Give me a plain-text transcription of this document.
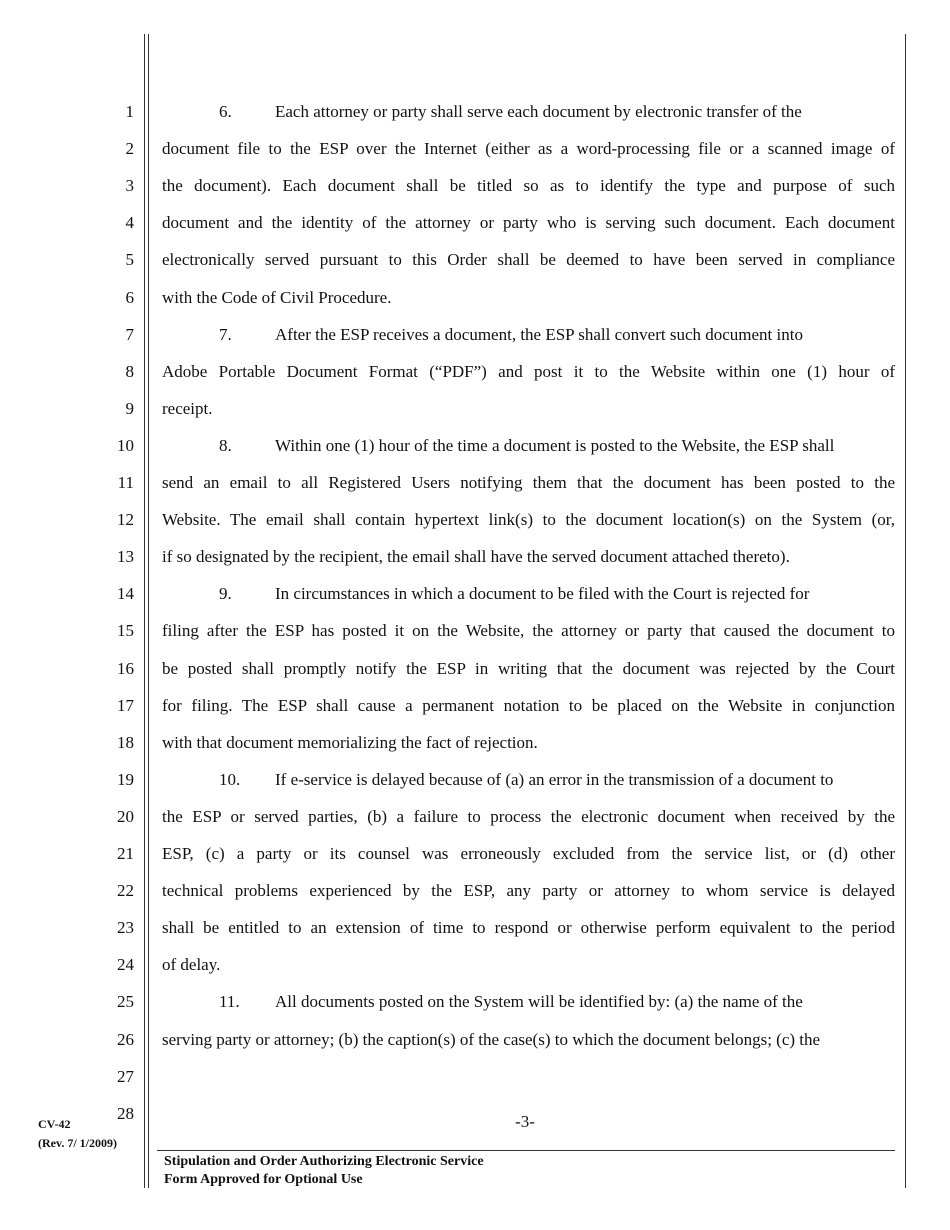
1
2
3
4
5
6
7
8
9
10
11
12
13
14
15
16
17
18
19
20
21
22
23
24
25
26
27
28
6.	Each attorney or party shall serve each document by electronic transfer of the
document file to the ESP over the Internet (either as a word-processing file or a scanned image of
the document). Each document shall be titled so as to identify the type and purpose of such
document and the identity of the attorney or party who is serving such document. Each document
electronically served pursuant to this Order shall be deemed to have been served in compliance
with the Code of Civil Procedure.
7.	After the ESP receives a document, the ESP shall convert such document into
Adobe Portable Document Format (“PDF”) and post it to the Website within one (1) hour of
receipt.
8.	Within one (1) hour of the time a document is posted to the Website, the ESP shall
send an email to all Registered Users notifying them that the document has been posted to the
Website. The email shall contain hypertext link(s) to the document location(s) on the System (or,
if so designated by the recipient, the email shall have the served document attached thereto).
9.	In circumstances in which a document to be filed with the Court is rejected for
filing after the ESP has posted it on the Website, the attorney or party that caused the document to
be posted shall promptly notify the ESP in writing that the document was rejected by the Court
for filing. The ESP shall cause a permanent notation to be placed on the Website in conjunction
with that document memorializing the fact of rejection.
10. If e-service is delayed because of (a) an error in the transmission of a document to
the ESP or served parties, (b) a failure to process the electronic document when received by the
ESP, (c) a party or its counsel was erroneously excluded from the service list, or (d) other
technical problems experienced by the ESP, any party or attorney to whom service is delayed
shall be entitled to an extension of time to respond or otherwise perform equivalent to the period
of delay.
11. All documents posted on the System will be identified by: (a) the name of the
serving party or attorney; (b) the caption(s) of the case(s) to which the document belongs; (c) the
-3-
CV-42
(Rev. 7/ 1/2009)
Stipulation and Order Authorizing Electronic Service
Form Approved for Optional Use
